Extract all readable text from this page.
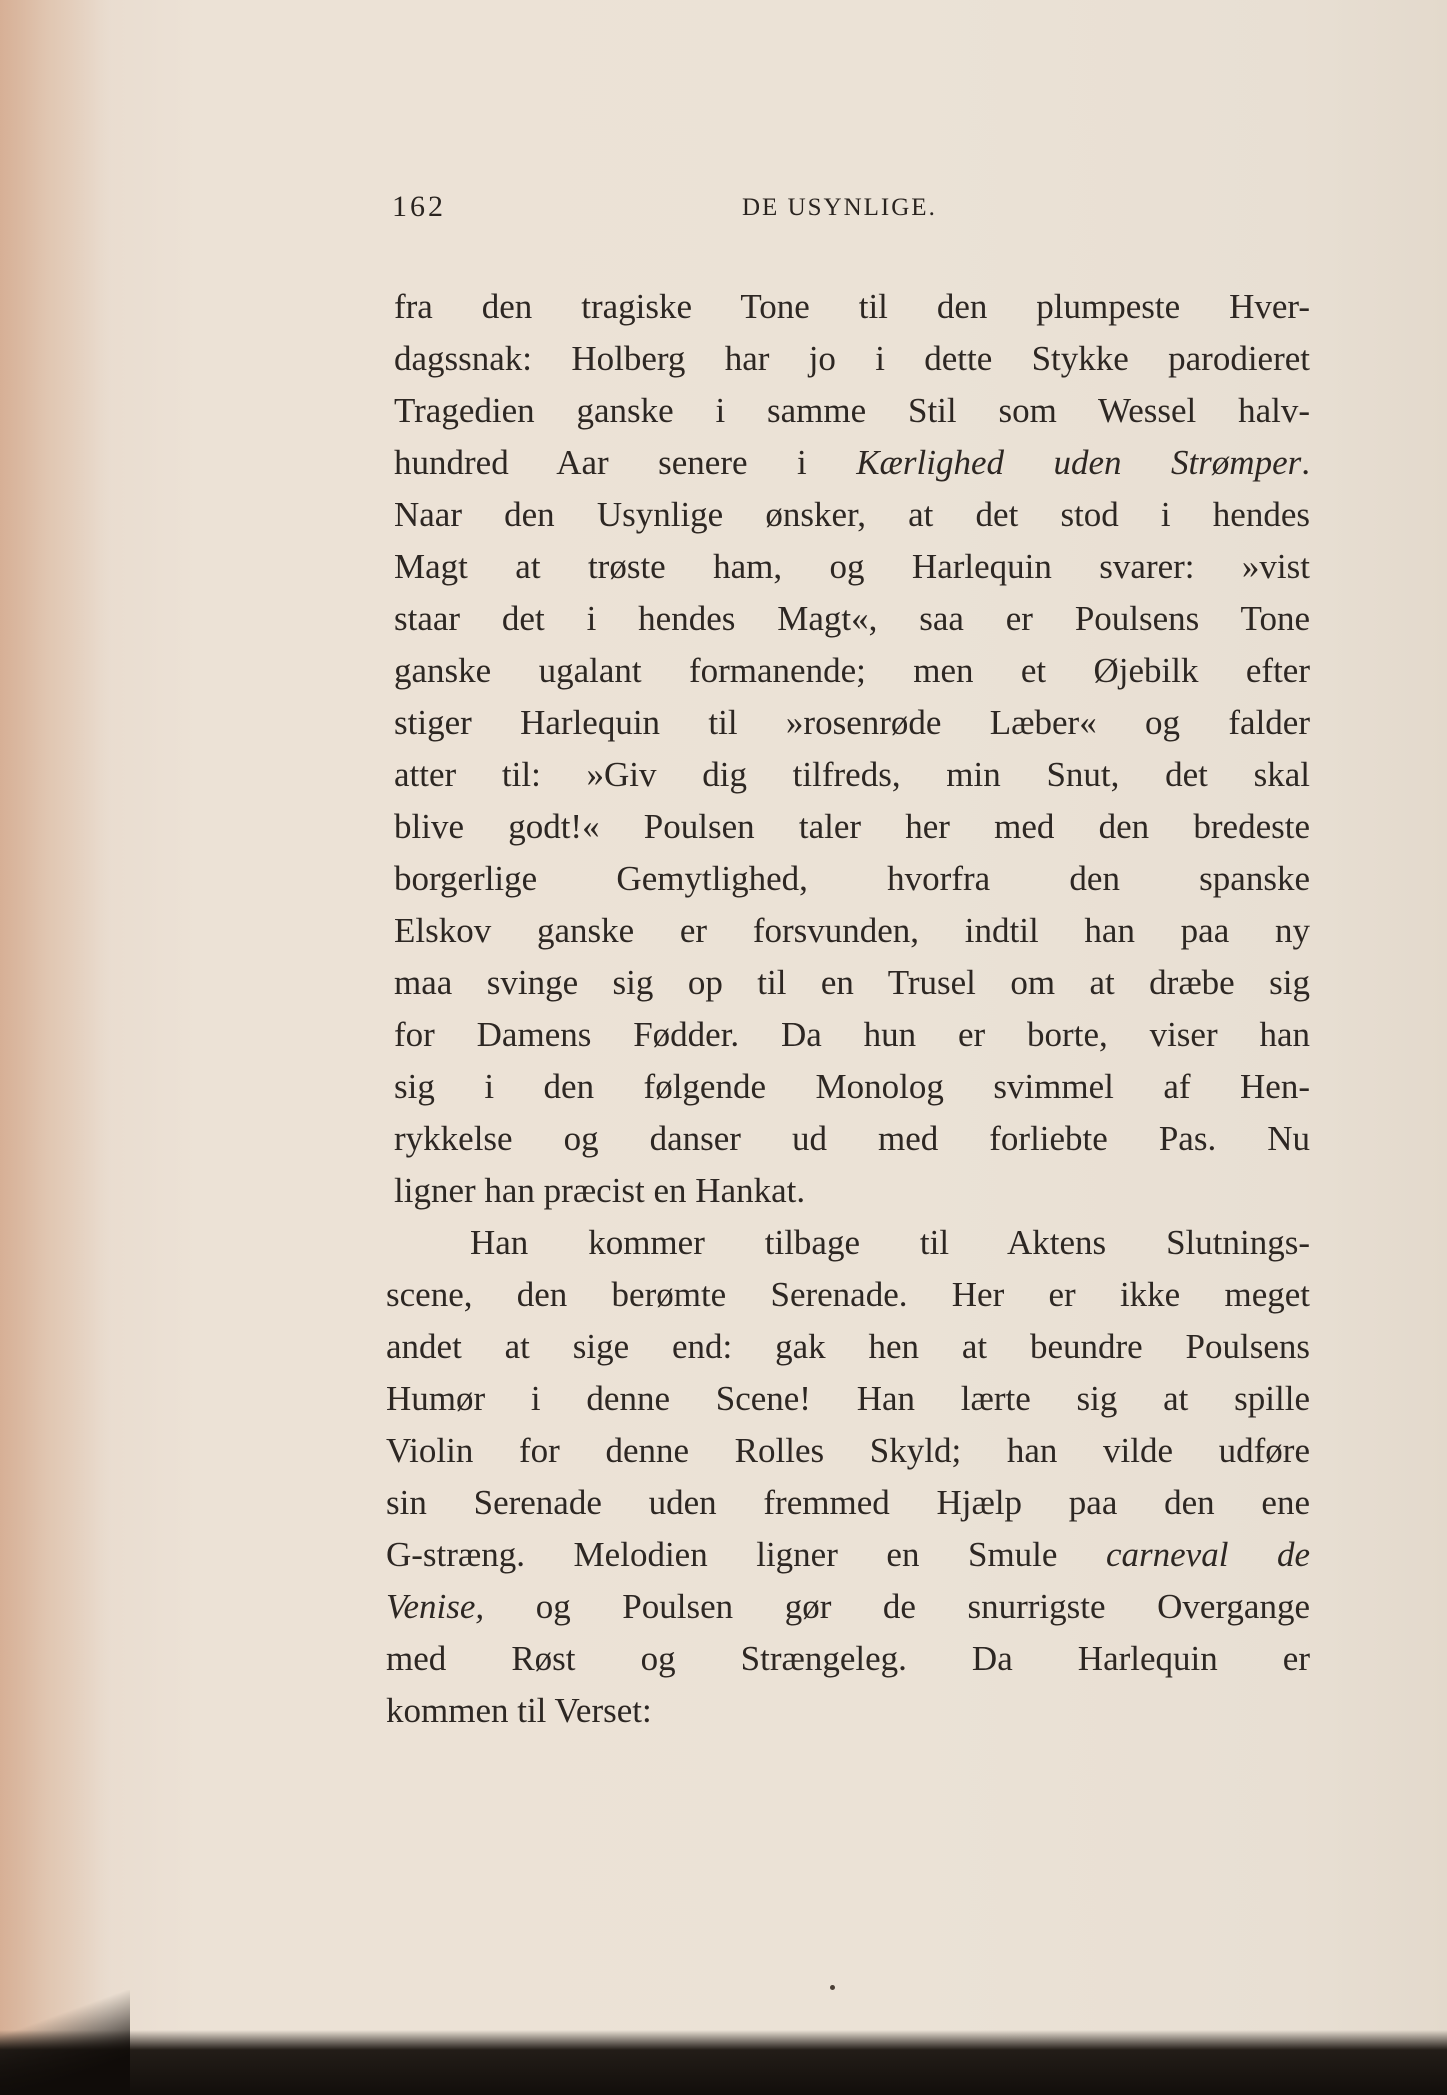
162	DE USYNLIGE.
fra den tragiske Tone til den plumpeste Hver-
dagssnak: Holberg har jo i dette Stykke parodieret
Tragedien ganske i samme Stil som Wessel halv-
hundred Aar senere i Kærlighed uden Strømper.
Naar den Usynlige ønsker, at det stod i hendes
Magt at trøste ham, og Harlequin svarer: »vist
staar det i hendes Magt«, saa er Poulsens Tone
ganske ugalant formanende; men et Øjebilk efter
stiger Harlequin til »rosenrøde Læber« og falder
atter til: »Giv dig tilfreds, min Snut, det skal
blive godt!« Poulsen taler her med den bredeste
borgerlige Gemytlighed, hvorfra den spanske
Elskov ganske er forsvunden, indtil han paa ny
maa svinge sig op til en Trusel om at dræbe sig
for Damens Fødder. Da hun er borte, viser han
sig i den følgende Monolog svimmel af Hen-
rykkelse og danser ud med forliebte Pas. Nu
ligner han præcist en Hankat.
Han kommer tilbage til Aktens Slutnings-
scene, den berømte Serenade. Her er ikke meget
andet at sige end: gak hen at beundre Poulsens
Humør i denne Scene! Han lærte sig at spille
Violin for denne Rolles Skyld; han vilde udføre
sin Serenade uden fremmed Hjælp paa den ene
G-stræng. Melodien ligner en Smule carneval de
Venise, og Poulsen gør de snurrigste Overgange
med Røst og Strængeleg. Da Harlequin er
kommen til Verset:
